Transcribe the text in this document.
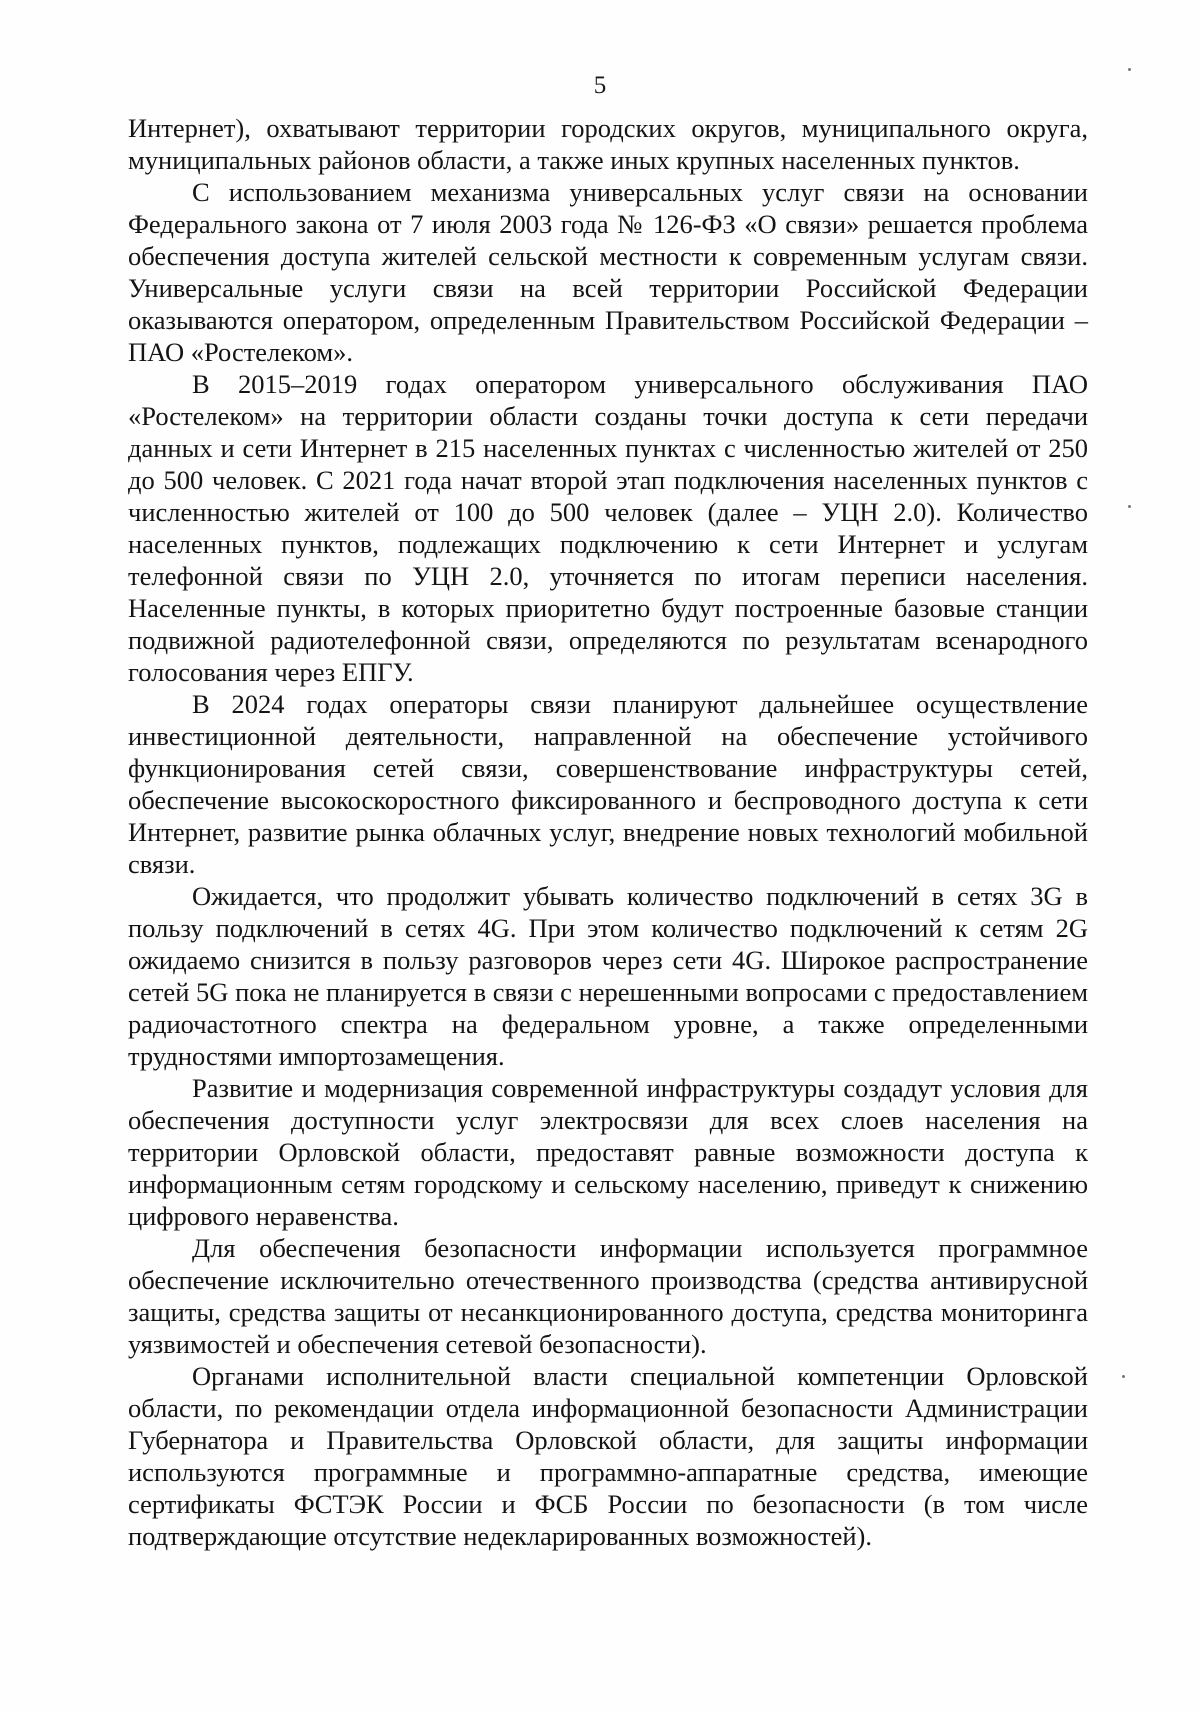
5

Интернет), охватывают территории городских округов, муниципального округа, муниципальных районов области, а также иных крупных населенных пунктов.

С использованием механизма универсальных услуг связи на основании Федерального закона от 7 июля 2003 года № 126-ФЗ «О связи» решается проблема обеспечения доступа жителей сельской местности к современным услугам связи. Универсальные услуги связи на всей территории Российской Федерации оказываются оператором, определенным Правительством Российской Федерации – ПАО «Ростелеком».

В 2015–2019 годах оператором универсального обслуживания ПАО «Ростелеком» на территории области созданы точки доступа к сети передачи данных и сети Интернет в 215 населенных пунктах с численностью жителей от 250 до 500 человек. С 2021 года начат второй этап подключения населенных пунктов с численностью жителей от 100 до 500 человек (далее – УЦН 2.0). Количество населенных пунктов, подлежащих подключению к сети Интернет и услугам телефонной связи по УЦН 2.0, уточняется по итогам переписи населения. Населенные пункты, в которых приоритетно будут построенные базовые станции подвижной радиотелефонной связи, определяются по результатам всенародного голосования через ЕПГУ.

В 2024 годах операторы связи планируют дальнейшее осуществление инвестиционной деятельности, направленной на обеспечение устойчивого функционирования сетей связи, совершенствование инфраструктуры сетей, обеспечение высокоскоростного фиксированного и беспроводного доступа к сети Интернет, развитие рынка облачных услуг, внедрение новых технологий мобильной связи.

Ожидается, что продолжит убывать количество подключений в сетях 3G в пользу подключений в сетях 4G. При этом количество подключений к сетям 2G ожидаемо снизится в пользу разговоров через сети 4G. Широкое распространение сетей 5G пока не планируется в связи с нерешенными вопросами с предоставлением радиочастотного спектра на федеральном уровне, а также определенными трудностями импортозамещения.

Развитие и модернизация современной инфраструктуры создадут условия для обеспечения доступности услуг электросвязи для всех слоев населения на территории Орловской области, предоставят равные возможности доступа к информационным сетям городскому и сельскому населению, приведут к снижению цифрового неравенства.

Для обеспечения безопасности информации используется программное обеспечение исключительно отечественного производства (средства антивирусной защиты, средства защиты от несанкционированного доступа, средства мониторинга уязвимостей и обеспечения сетевой безопасности).

Органами исполнительной власти специальной компетенции Орловской области, по рекомендации отдела информационной безопасности Администрации Губернатора и Правительства Орловской области, для защиты информации используются программные и программно-аппаратные средства, имеющие сертификаты ФСТЭК России и ФСБ России по безопасности (в том числе подтверждающие отсутствие недекларированных возможностей).
